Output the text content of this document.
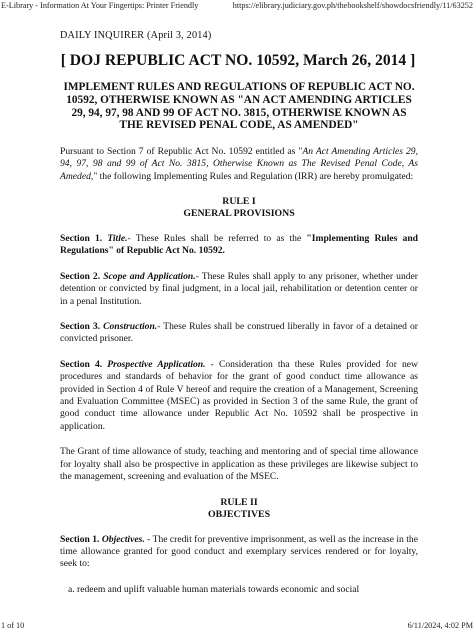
E-Library - Information At Your Fingertips: Printer Friendly	https://elibrary.judiciary.gov.ph/thebookshelf/showdocsfriendly/11/63252
DAILY INQUIRER (April 3, 2014)
[ DOJ REPUBLIC ACT NO. 10592, March 26, 2014 ]
IMPLEMENT RULES AND REGULATIONS OF REPUBLIC ACT NO. 10592, OTHERWISE KNOWN AS "AN ACT AMENDING ARTICLES 29, 94, 97, 98 AND 99 OF ACT NO. 3815, OTHERWISE KNOWN AS THE REVISED PENAL CODE, AS AMENDED"

Pursuant to Section 7 of Republic Act No. 10592 entitled as "An Act Amending Articles 29, 94, 97, 98 and 99 of Act No. 3815, Otherwise Known as The Revised Penal Code, As Ameded," the following Implementing Rules and Regulation (IRR) are hereby promulgated:

RULE I
GENERAL PROVISIONS

Section 1. Title.- These Rules shall be referred to as the "Implementing Rules and Regulations" of Republic Act No. 10592.

Section 2. Scope and Application.- These Rules shall apply to any prisoner, whether under detention or convicted by final judgment, in a local jail, rehabilitation or detention center or in a penal Institution.

Section 3. Construction.- These Rules shall be construed liberally in favor of a detained or convicted prisoner.

Section 4. Prospective Application. - Consideration tha these Rules provided for new procedures and standards of behavior for the grant of good conduct time allowance as provided in Section 4 of Rule V hereof and require the creation of a Management, Screening and Evaluation Committee (MSEC) as provided in Section 3 of the same Rule, the grant of good conduct time allowance under Republic Act No. 10592 shall be prospective in application.

The Grant of time allowance of study, teaching and mentoring and of special time allowance for loyalty shall also be prospective in application as these privileges are likewise subject to the management, screening and evaluation of the MSEC.

RULE II
OBJECTIVES

Section 1. Objectives. - The credit for preventive imprisonment, as well as the increase in the time allowance granted for good conduct and exemplary services rendered or for loyalty, seek to:

a. redeem and uplift valuable human materials towards economic and social

1 of 10	6/11/2024, 4:02 PM
